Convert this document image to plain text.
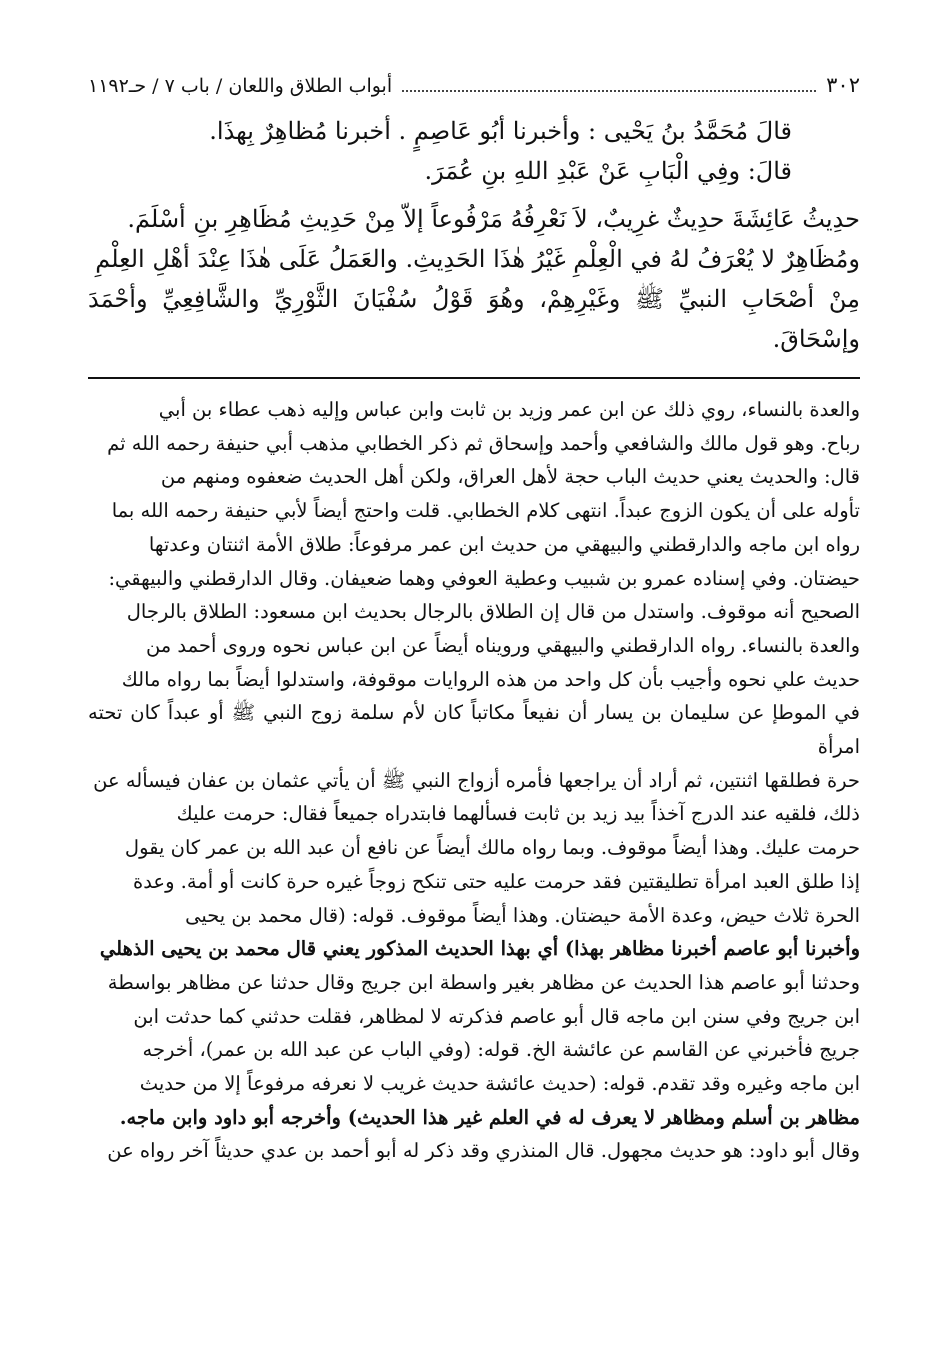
٣٠٢
أبواب الطلاق واللعان / باب ٧ / حـ١١٩٢

قالَ مُحَمَّدُ بنُ يَحْيى : وأخبرنا أبُو عَاصِمٍ . أخبرنا مُظاهِرٌ بِهذَا.

قالَ: وفِي الْبَابِ عَنْ عَبْدِ اللهِ بنِ عُمَرَ.

حدِيثُ عَائِشَةَ حدِيثٌ غرِيبٌ، لاَ نَعْرِفُهُ مَرْفُوعاً إلاّ مِنْ حَدِيثِ مُظَاهِرِ بنِ أسْلَمَ.

ومُظَاهِرٌ لا يُعْرَفُ لهُ في الْعِلْمِ غَيْرُ هٰذَا الحَدِيثِ. والعَمَلُ عَلَى هٰذَا عِنْدَ أهْلِ العِلْمِ

مِنْ أصْحَابِ النبيِّ ﷺ وغَيْرِهِمْ، وهُوَ قَوْلُ سُفْيَانَ الثَّوْرِيِّ والشَّافِعِيِّ وأحْمَدَ وإسْحَاقَ.

والعدة بالنساء، روي ذلك عن ابن عمر وزيد بن ثابت وابن عباس وإليه ذهب عطاء بن أبي

رباح. وهو قول مالك والشافعي وأحمد وإسحاق ثم ذكر الخطابي مذهب أبي حنيفة رحمه الله ثم

قال: والحديث يعني حديث الباب حجة لأهل العراق، ولكن أهل الحديث ضعفوه ومنهم من

تأوله على أن يكون الزوج عبداً. انتهى كلام الخطابي. قلت واحتج أيضاً لأبي حنيفة رحمه الله بما

رواه ابن ماجه والدارقطني والبيهقي من حديث ابن عمر مرفوعاً: طلاق الأمة اثنتان وعدتها

حيضتان. وفي إسناده عمرو بن شبيب وعطية العوفي وهما ضعيفان. وقال الدارقطني والبيهقي:

الصحيح أنه موقوف. واستدل من قال إن الطلاق بالرجال بحديث ابن مسعود: الطلاق بالرجال

والعدة بالنساء. رواه الدارقطني والبيهقي ورويناه أيضاً عن ابن عباس نحوه وروى أحمد من

حديث علي نحوه وأجيب بأن كل واحد من هذه الروايات موقوفة، واستدلوا أيضاً بما رواه مالك

في الموطإ عن سليمان بن يسار أن نفيعاً مكاتباً كان لأم سلمة زوج النبي ﷺ أو عبداً كان تحته امرأة

حرة فطلقها اثنتين، ثم أراد أن يراجعها فأمره أزواج النبي ﷺ أن يأتي عثمان بن عفان فيسأله عن

ذلك، فلقيه عند الدرج آخذاً بيد زيد بن ثابت فسألهما فابتدراه جميعاً فقال: حرمت عليك

حرمت عليك. وهذا أيضاً موقوف. وبما رواه مالك أيضاً عن نافع أن عبد الله بن عمر كان يقول

إذا طلق العبد امرأة تطليقتين فقد حرمت عليه حتى تنكح زوجاً غيره حرة كانت أو أمة. وعدة

الحرة ثلاث حيض، وعدة الأمة حيضتان. وهذا أيضاً موقوف. قوله: (قال محمد بن يحيى

وأخبرنا أبو عاصم أخبرنا مظاهر بهذا) أي بهذا الحديث المذكور يعني قال محمد بن يحيى الذهلي

وحدثنا أبو عاصم هذا الحديث عن مظاهر بغير واسطة ابن جريج وقال حدثنا عن مظاهر بواسطة

ابن جريج وفي سنن ابن ماجه قال أبو عاصم فذكرته لا لمظاهر، فقلت حدثني كما حدثت ابن

جريج فأخبرني عن القاسم عن عائشة الخ. قوله: (وفي الباب عن عبد الله بن عمر)، أخرجه

ابن ماجه وغيره وقد تقدم. قوله: (حديث عائشة حديث غريب لا نعرفه مرفوعاً إلا من حديث

مظاهر بن أسلم ومظاهر لا يعرف له في العلم غير هذا الحديث) وأخرجه أبو داود وابن ماجه.

وقال أبو داود: هو حديث مجهول. قال المنذري وقد ذكر له أبو أحمد بن عدي حديثاً آخر رواه عن
